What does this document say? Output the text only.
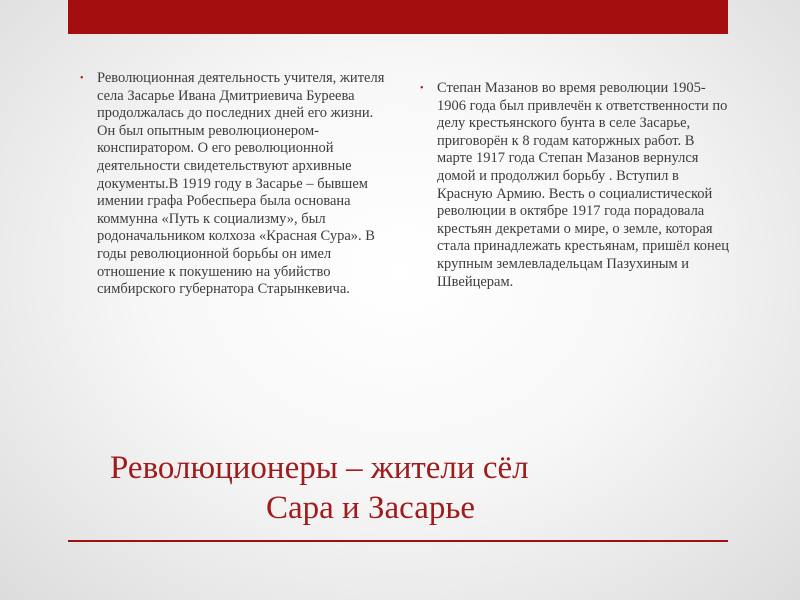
• Революционная деятельность учителя, жителя села Засарье Ивана Дмитриевича Буреева продолжалась до последних дней его жизни. Он был опытным революционером-конспиратором. О его революционной деятельности свидетельствуют архивные документы.В 1919 году в Засарье – бывшем имении графа Робеспьера была основана коммунна «Путь к социализму», был родоначальником колхоза «Красная Сура». В годы революционной борьбы он имел отношение к покушению на убийство симбирского губернатора Старынкевича.
• Степан Мазанов во время революции 1905-1906 года был привлечён к ответственности по делу крестьянского бунта в селе Засарье, приговорён к 8 годам каторжных работ. В марте 1917 года Степан Мазанов вернулся домой и продолжил борьбу . Вступил в Красную Армию. Весть о социалистической революции в октябре 1917 года порадовала крестьян декретами о мире, о земле, которая стала принадлежать крестьянам, пришёл конец крупным землевладельцам Пазухиным и Швейцерам.
Революционеры – жители сёл
Сара и Засарье
